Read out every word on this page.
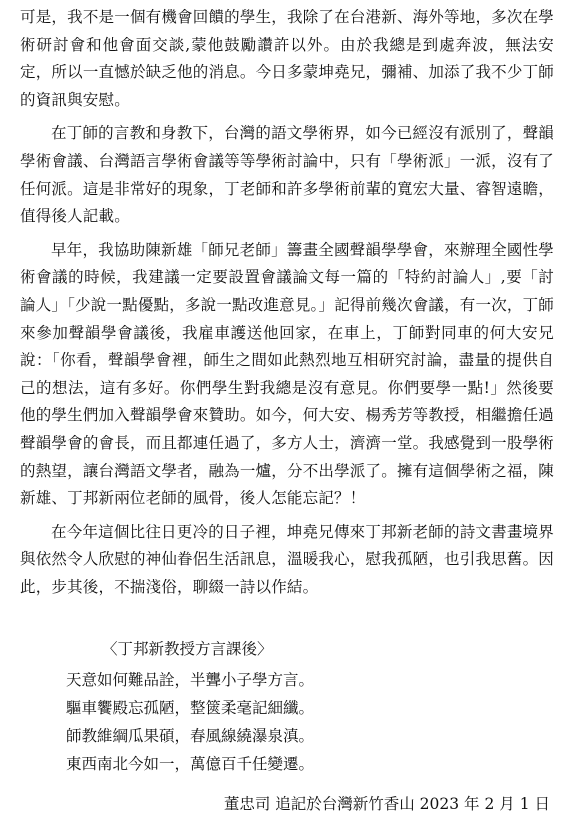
可是，我不是一個有機會回饋的學生，我除了在台港新、海外等地，多次在學術研討會和他會面交談,蒙他鼓勵讚許以外。由於我總是到處奔波，無法安定，所以一直憾於缺乏他的消息。今日多蒙坤堯兄，彌補、加添了我不少丁師的資訊與安慰。

在丁師的言教和身教下，台灣的語文學術界，如今已經沒有派別了，聲韻學術會議、台灣語言學術會議等等學術討論中，只有「學術派」一派，沒有了任何派。這是非常好的現象，丁老師和許多學術前輩的寬宏大量、睿智遠瞻，值得後人記載。

早年，我協助陳新雄「師兄老師」籌畫全國聲韻學學會，來辦理全國性學術會議的時候，我建議一定要設置會議論文每一篇的「特約討論人」,要「討論人」「少說一點優點，多說一點改進意見。」記得前幾次會議，有一次，丁師來參加聲韻學會議後，我雇車護送他回家，在車上，丁師對同車的何大安兄說：「你看，聲韻學會裡，師生之間如此熱烈地互相研究討論，盡量的提供自己的想法，這有多好。你們學生對我總是沒有意見。你們要學一點!」然後要他的學生們加入聲韻學會來贊助。如今，何大安、楊秀芳等教授，相繼擔任過聲韻學會的會長，而且都連任過了，多方人士，濟濟一堂。我感覺到一股學術的熱望，讓台灣語文學者，融為一爐，分不出學派了。擁有這個學術之福，陳新雄、丁邦新兩位老師的風骨，後人怎能忘記？！

在今年這個比往日更冷的日子裡，坤堯兄傳來丁邦新老師的詩文書畫境界與依然令人欣慰的神仙眷侶生活訊息，溫暖我心，慰我孤陋，也引我思舊。因此，步其後，不揣淺俗，聊綴一詩以作結。

〈丁邦新教授方言課後〉
天意如何難品詮，半聾小子學方言。
驅車饗殿忘孤陋，整篋柔毫記細纖。
師教維綱瓜果碩，春風線繞瀑泉滇。
東西南北今如一，萬億百千任變遷。
董忠司 追記於台灣新竹香山 2023 年 2 月 1 日
